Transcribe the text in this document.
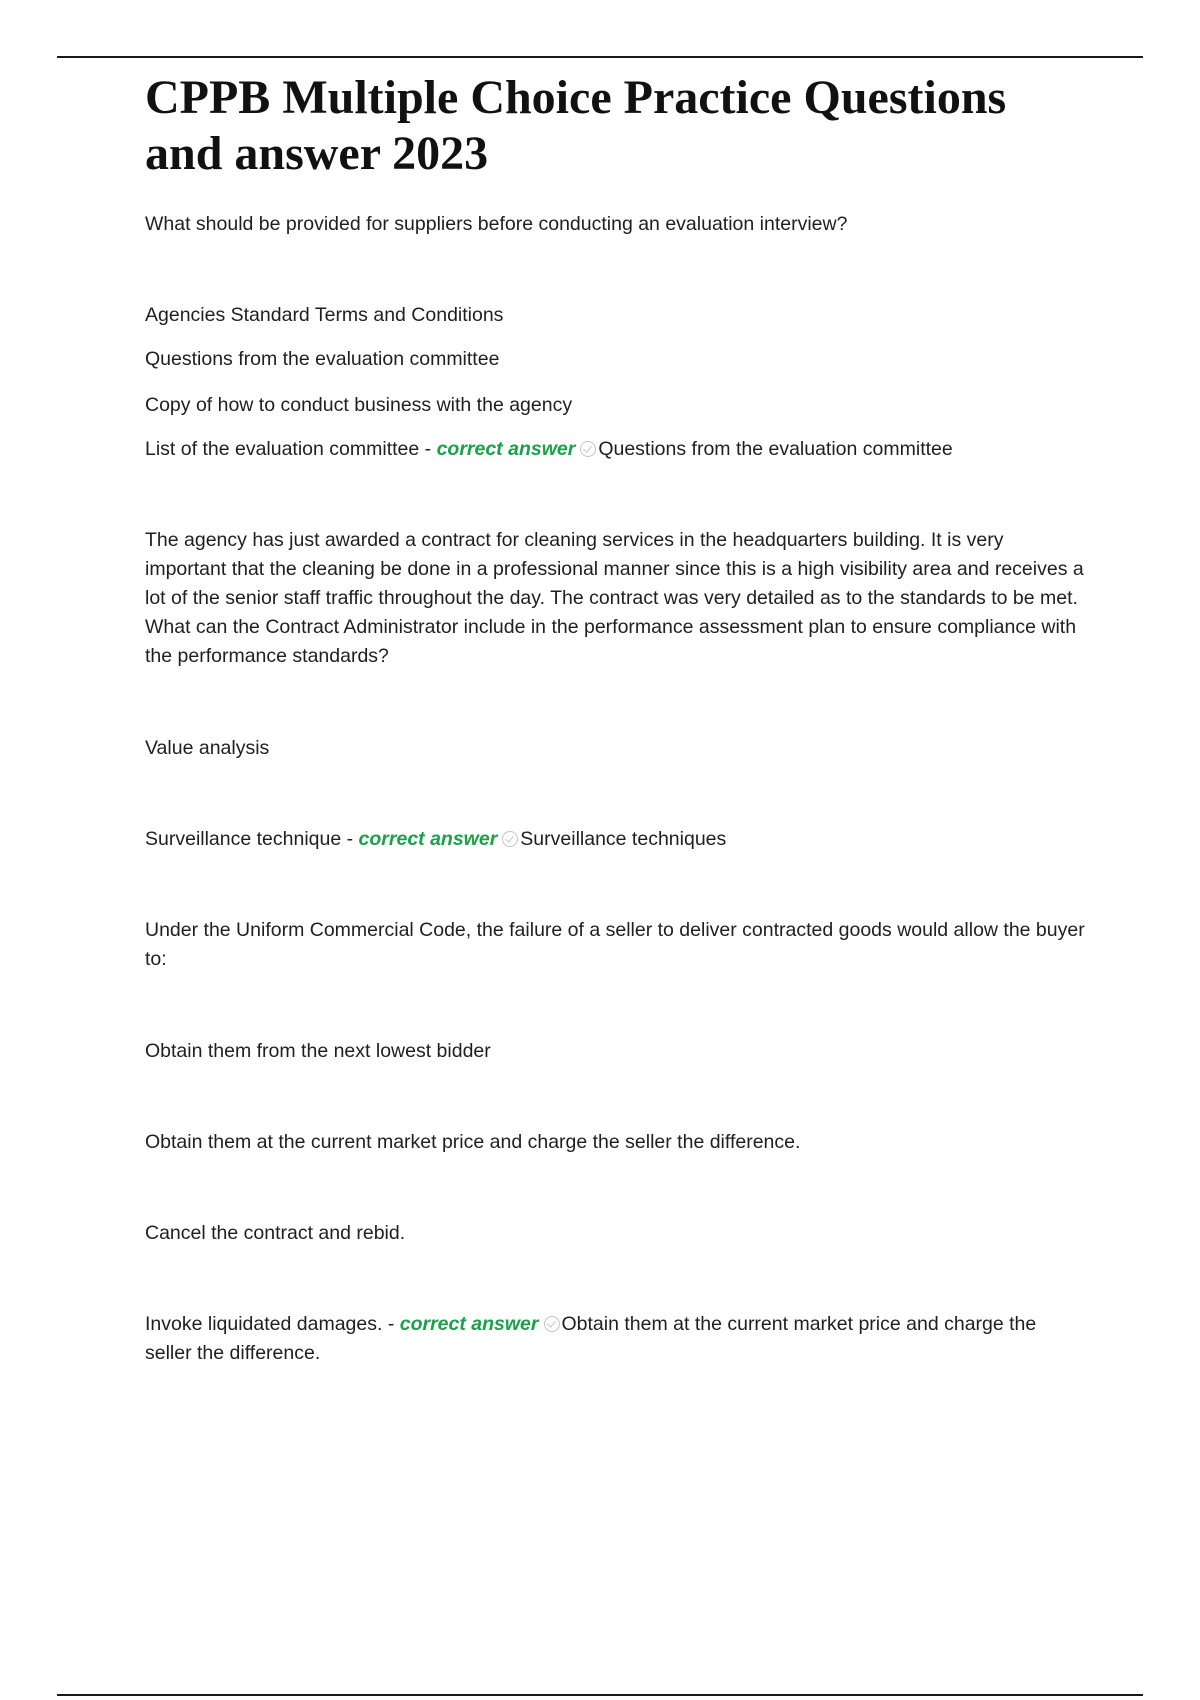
CPPB Multiple Choice Practice Questions and answer 2023

What should be provided for suppliers before conducting an evaluation interview?

Agencies Standard Terms and Conditions

Questions from the evaluation committee

Copy of how to conduct business with the agency

List of the evaluation committee - correct answer Questions from the evaluation committee

The agency has just awarded a contract for cleaning services in the headquarters building. It is very important that the cleaning be done in a professional manner since this is a high visibility area and receives a lot of the senior staff traffic throughout the day. The contract was very detailed as to the standards to be met. What can the Contract Administrator include in the performance assessment plan to ensure compliance with the performance standards?

Value analysis

Surveillance technique - correct answer Surveillance techniques

Under the Uniform Commercial Code, the failure of a seller to deliver contracted goods would allow the buyer to:

Obtain them from the next lowest bidder

Obtain them at the current market price and charge the seller the difference.

Cancel the contract and rebid.

Invoke liquidated damages. - correct answer Obtain them at the current market price and charge the seller the difference.
